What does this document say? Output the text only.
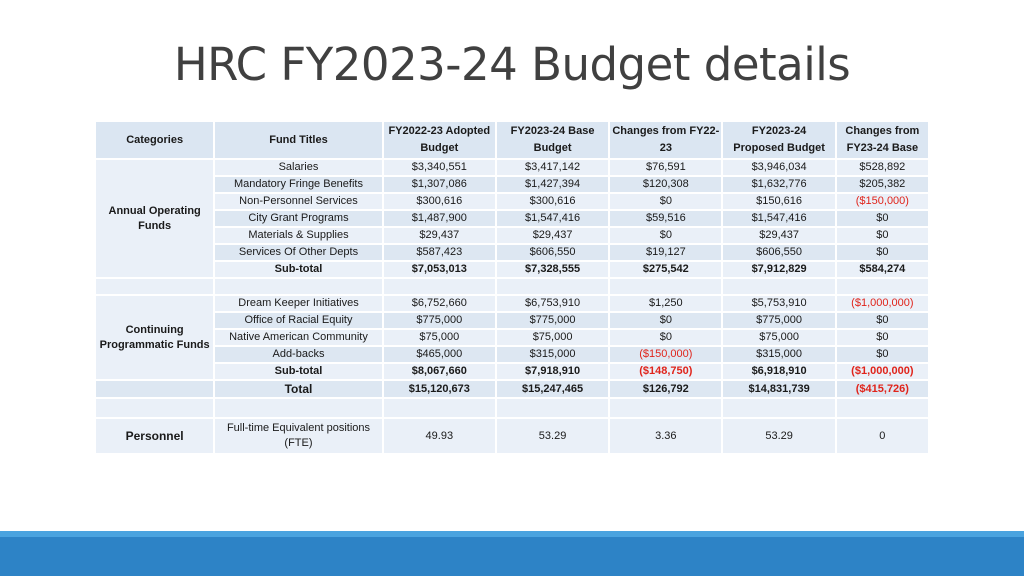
HRC FY2023-24 Budget details
Categories	Fund Titles	FY2022-23 Adopted Budget	FY2023-24 Base Budget	Changes from FY22-23	FY2023-24 Proposed Budget	Changes from FY23-24 Base
Annual Operating Funds	Salaries	$3,340,551	$3,417,142	$76,591	$3,946,034	$528,892
	Mandatory Fringe Benefits	$1,307,086	$1,427,394	$120,308	$1,632,776	$205,382
	Non-Personnel Services	$300,616	$300,616	$0	$150,616	($150,000)
	City Grant Programs	$1,487,900	$1,547,416	$59,516	$1,547,416	$0
	Materials & Supplies	$29,437	$29,437	$0	$29,437	$0
	Services Of Other Depts	$587,423	$606,550	$19,127	$606,550	$0
	Sub-total	$7,053,013	$7,328,555	$275,542	$7,912,829	$584,274

Continuing Programmatic Funds	Dream Keeper Initiatives	$6,752,660	$6,753,910	$1,250	$5,753,910	($1,000,000)
	Office of Racial Equity	$775,000	$775,000	$0	$775,000	$0
	Native American Community	$75,000	$75,000	$0	$75,000	$0
	Add-backs	$465,000	$315,000	($150,000)	$315,000	$0
	Sub-total	$8,067,660	$7,918,910	($148,750)	$6,918,910	($1,000,000)
	Total	$15,120,673	$15,247,465	$126,792	$14,831,739	($415,726)

Personnel	Full-time Equivalent positions (FTE)	49.93	53.29	3.36	53.29	0
